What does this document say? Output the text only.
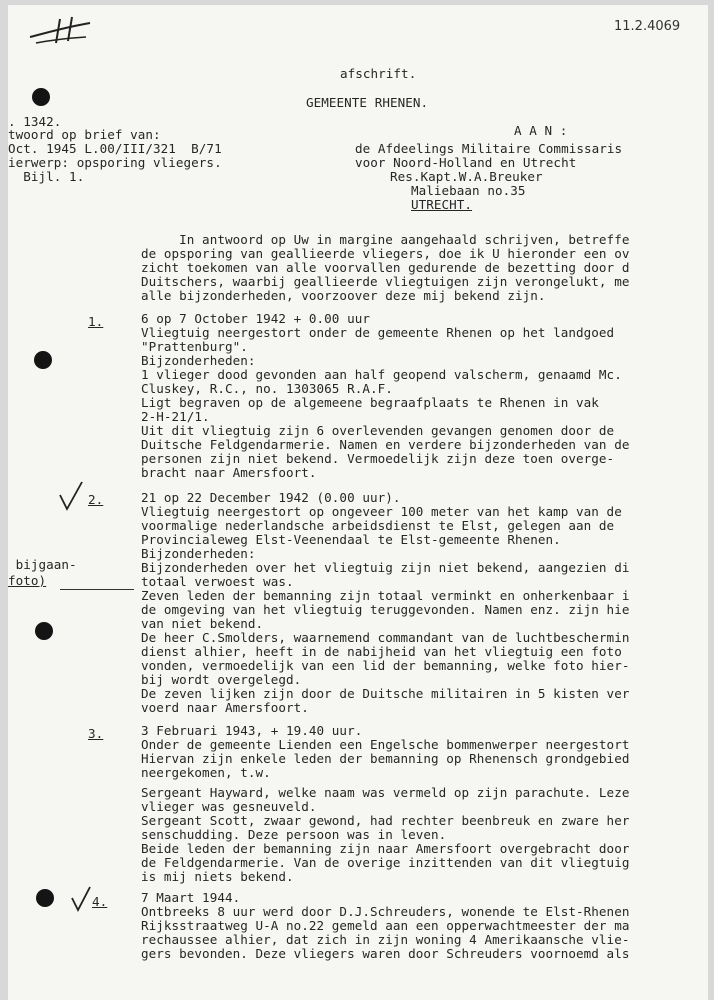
11.2.4069
afschrift.
GEMEENTE RHENEN.
. 1342.
twoord op brief van:
Oct. 1945 L.00/III/321  B/71
ierwerp: opsporing vliegers.
Bijl. 1.
A A N :
de Afdeelings Militaire Commissaris
voor Noord-Holland en Utrecht
Res.Kapt.W.A.Breuker
Maliebaan no.35
UTRECHT.
In antwoord op Uw in margine aangehaald schrijven, betreffe
de opsporing van geallieerde vliegers, doe ik U hieronder een ov
zicht toekomen van alle voorvallen gedurende de bezetting door d
Duitschers, waarbij geallieerde vliegtuigen zijn verongelukt, me
alle bijzonderheden, voorzoover deze mij bekend zijn.
1.	6 op 7 October 1942 + 0.00 uur
Vliegtuig neergestort onder de gemeente Rhenen op het landgoed
"Prattenburg".
Bijzonderheden:
1 vlieger dood gevonden aan half geopend valscherm, genaamd Mc.
Cluskey, R.C., no. 1303065 R.A.F.
Ligt begraven op de algemeene begraafplaats te Rhenen in vak
2-H-21/1.
Uit dit vliegtuig zijn 6 overlevenden gevangen genomen door de
Duitsche Feldgendarmerie. Namen en verdere bijzonderheden van de
personen zijn niet bekend. Vermoedelijk zijn deze toen overge-
bracht naar Amersfoort.
2.	21 op 22 December 1942 (0.00 uur).
Vliegtuig neergestort op ongeveer 100 meter van het kamp van de
voormalige nederlandsche arbeidsdienst te Elst, gelegen aan de
Provincialeweg Elst-Veenendaal te Elst-gemeente Rhenen.
Bijzonderheden:
Bijzonderheden over het vliegtuig zijn niet bekend, aangezien di
totaal verwoest was.
Zeven leden der bemanning zijn totaal verminkt en onherkenbaar i
de omgeving van het vliegtuig teruggevonden. Namen enz. zijn hie
van niet bekend.
De heer C.Smolders, waarnemend commandant van de luchtbeschermin
dienst alhier, heeft in de nabijheid van het vliegtuig een foto
vonden, vermoedelijk van een lid der bemanning, welke foto hier-
bij wordt overgelegd.
De zeven lijken zijn door de Duitsche militairen in 5 kisten ver
voerd naar Amersfoort.
bijgaan-
foto)
3.	3 Februari 1943, + 19.40 uur.
Onder de gemeente Lienden een Engelsche bommenwerper neergestort
Hiervan zijn enkele leden der bemanning op Rhenensch grondgebied
neergekomen, t.w.
Sergeant Hayward, welke naam was vermeld op zijn parachute. Leze
vlieger was gesneuveld.
Sergeant Scott, zwaar gewond, had rechter beenbreuk en zware her
senschudding. Deze persoon was in leven.
Beide leden der bemanning zijn naar Amersfoort overgebracht door
de Feldgendarmerie. Van de overige inzittenden van dit vliegtuig
is mij niets bekend.
4.	7 Maart 1944.
Ontbreeks 8 uur werd door D.J.Schreuders, wonende te Elst-Rhenen
Rijksstraatweg U-A no.22 gemeld aan een opperwachtmeester der ma
rechaussee alhier, dat zich in zijn woning 4 Amerikaansche vlie-
gers bevonden. Deze vliegers waren door Schreuders voornoemd als
